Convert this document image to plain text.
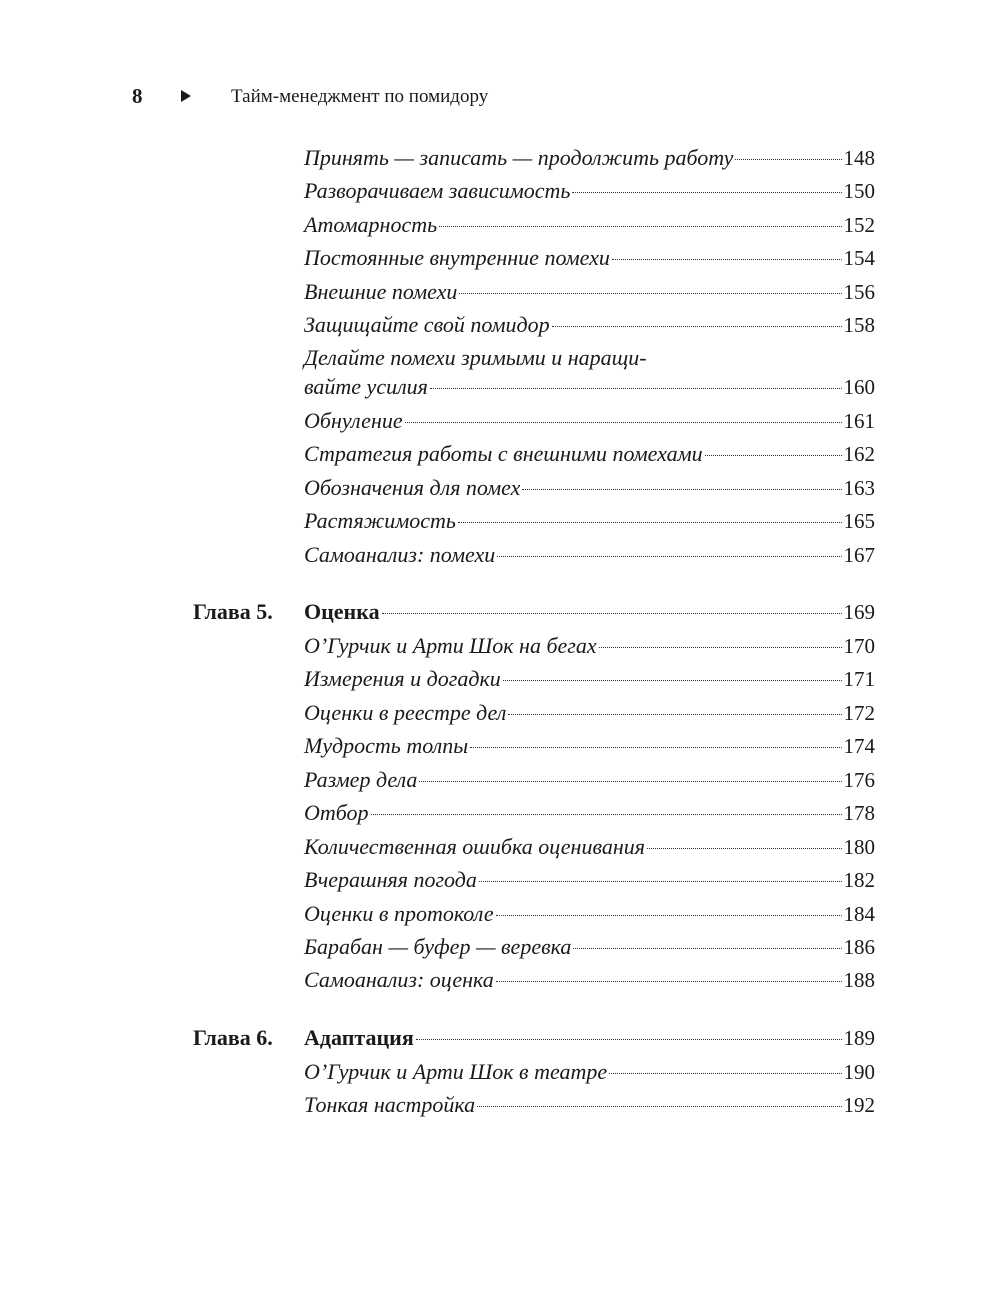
8	Тайм-менеджмент по помидору
Принять — записать — продолжить работу	148
Разворачиваем зависимость	150
Атомарность	152
Постоянные внутренние помехи	154
Внешние помехи	156
Защищайте свой помидор	158
Делайте помехи зримыми и наращи-
вайте усилия	160
Обнуление	161
Стратегия работы с внешними помехами	162
Обозначения для помех	163
Растяжимость	165
Самоанализ: помехи	167
Глава 5. Оценка	169
О’Гурчик и Арти Шок на бегах	170
Измерения и догадки	171
Оценки в реестре дел	172
Мудрость толпы	174
Размер дела	176
Отбор	178
Количественная ошибка оценивания	180
Вчерашняя погода	182
Оценки в протоколе	184
Барабан — буфер — веревка	186
Самоанализ: оценка	188
Глава 6. Адаптация	189
О’Гурчик и Арти Шок в театре	190
Тонкая настройка	192
